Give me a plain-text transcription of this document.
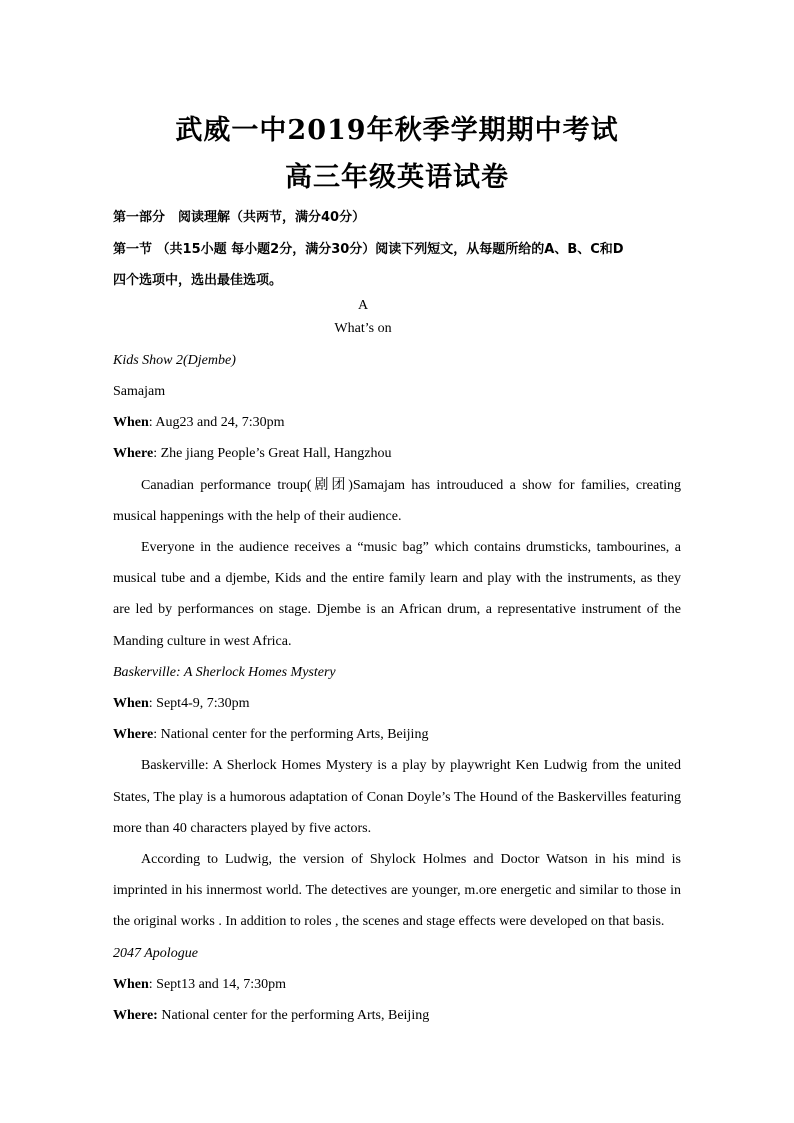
武威一中2019年秋季学期期中考试
高三年级英语试卷
第一部分　阅读理解（共两节，满分40分）
第一节 （共15小题 每小题2分，满分30分）阅读下列短文，从每题所给的A、B、C和D
四个选项中，选出最佳选项。
A
What’s on
Kids Show 2(Djembe)
Samajam
When: Aug23 and 24, 7:30pm
Where: Zhe jiang People’s Great Hall, Hangzhou
Canadian performance troup(剧团)Samajam has introuduced a show for families, creating
musical happenings with the help of their audience.
Everyone in the audience receives a “music bag” which contains drumsticks, tambourines, a
musical tube and a djembe, Kids and the entire family learn and play with the instruments, as they
are led by performances on stage. Djembe is an African drum, a representative instrument of the
Manding culture in west Africa.
Baskerville: A Sherlock Homes Mystery
When: Sept4-9, 7:30pm
Where: National center for the performing Arts, Beijing
Baskerville: A Sherlock Homes Mystery is a play by playwright Ken Ludwig from the united
States, The play is a humorous adaptation of Conan Doyle’s The Hound of the Baskervilles featuring
more than 40 characters played by five actors.
According to Ludwig, the version of Shylock Holmes and Doctor Watson in his mind is
imprinted in his innermost world. The detectives are younger, m.ore energetic and similar to those in
the original works . In addition to roles , the scenes and stage effects were developed on that basis.
2047 Apologue
When: Sept13 and 14, 7:30pm
Where: National center for the performing Arts, Beijing
